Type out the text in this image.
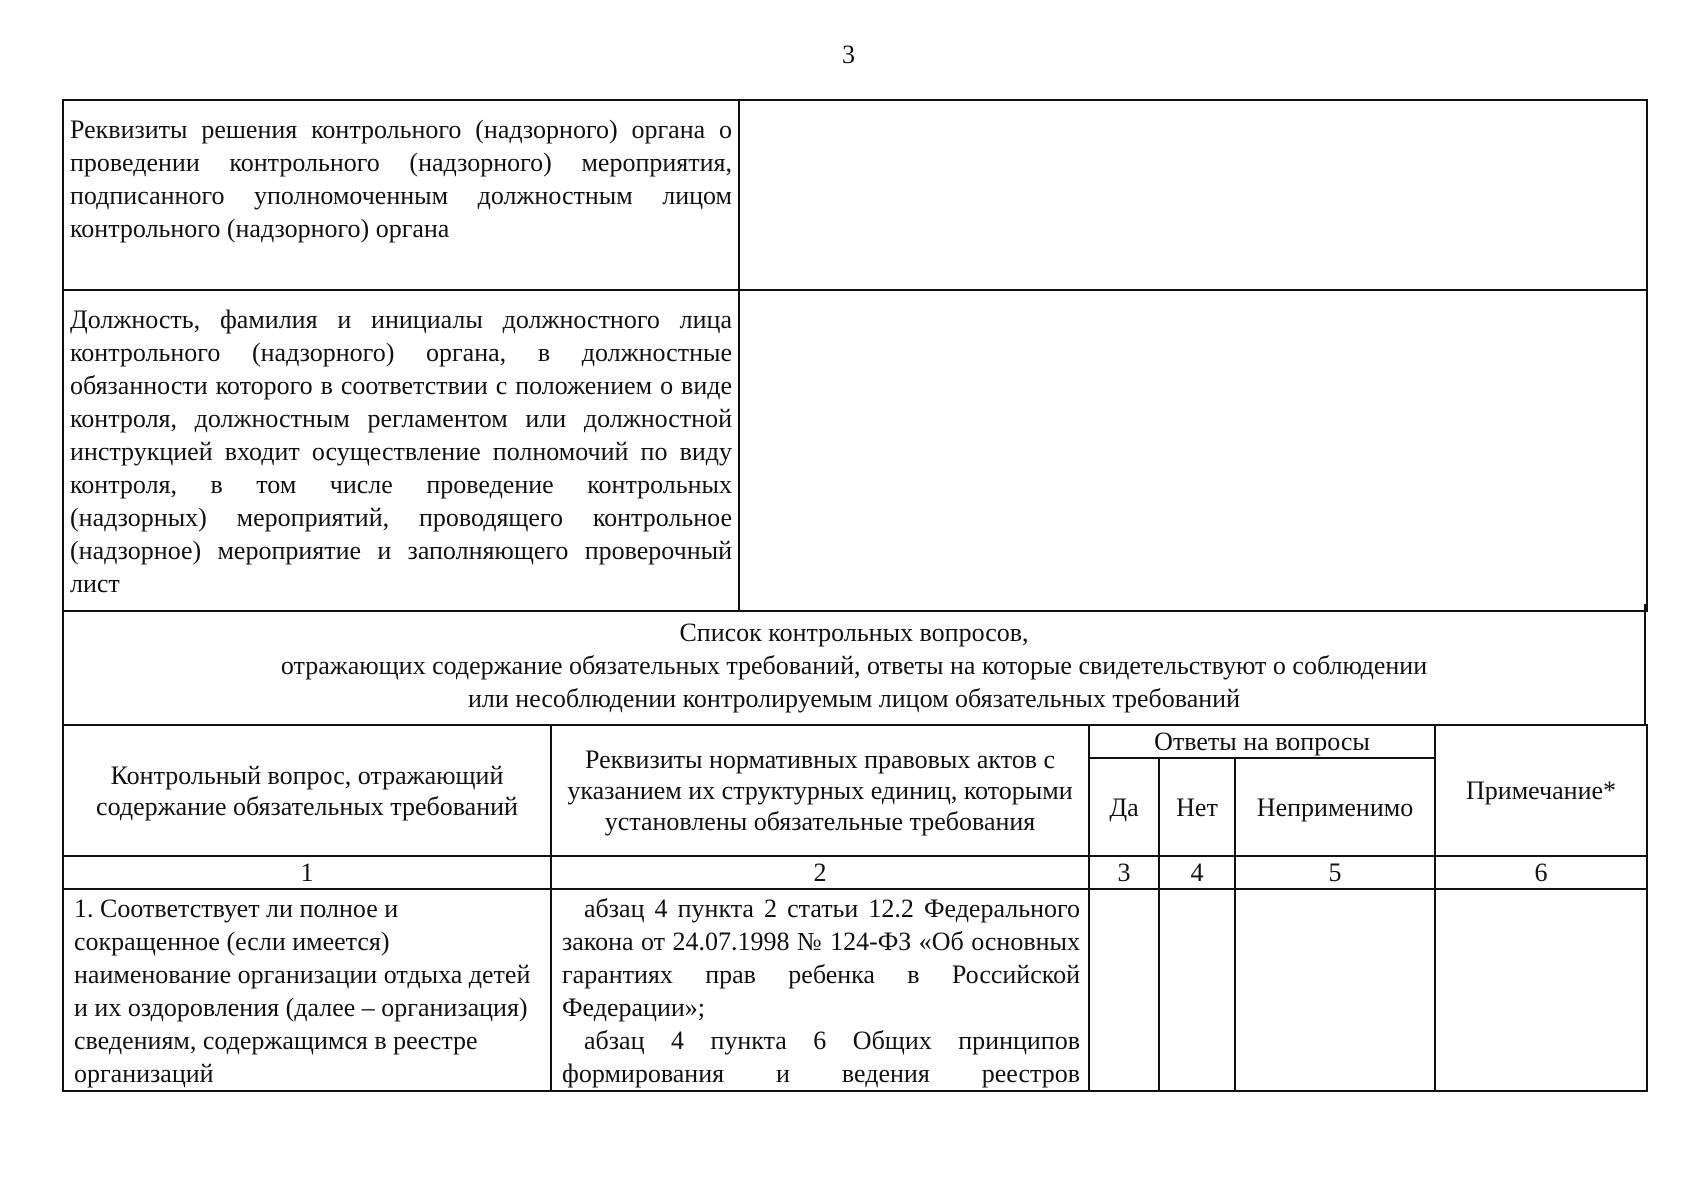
3
Реквизиты решения контрольного (надзорного) органа о проведении контрольного (надзорного) мероприятия, подписанного уполномоченным должностным лицом контрольного (надзорного) органа	
Должность, фамилия и инициалы должностного лица контрольного (надзорного) органа, в должностные обязанности которого в соответствии с положением о виде контроля, должностным регламентом или должностной инструкцией входит осуществление полномочий по виду контроля, в том числе проведение контрольных (надзорных) мероприятий, проводящего контрольное (надзорное) мероприятие и заполняющего проверочный лист	
Список контрольных вопросов,
отражающих содержание обязательных требований, ответы на которые свидетельствуют о соблюдении
или несоблюдении контролируемым лицом обязательных требований
Контрольный вопрос, отражающий содержание обязательных требований	Реквизиты нормативных правовых актов с указанием их структурных единиц, которыми установлены обязательные требования	Ответы на вопросы			Примечание*
		Да	Нет	Неприменимо	
1	2	3	4	5	6
1. Соответствует ли полное и сокращенное (если имеется) наименование организации отдыха детей и их оздоровления (далее – организация) сведениям, содержащимся в реестре организаций	абзац 4 пункта 2 статьи 12.2 Федерального закона от 24.07.1998 № 124-ФЗ «Об основных гарантиях прав ребенка в Российской Федерации»;
абзац 4 пункта 6 Общих принципов формирования и ведения реестров				
